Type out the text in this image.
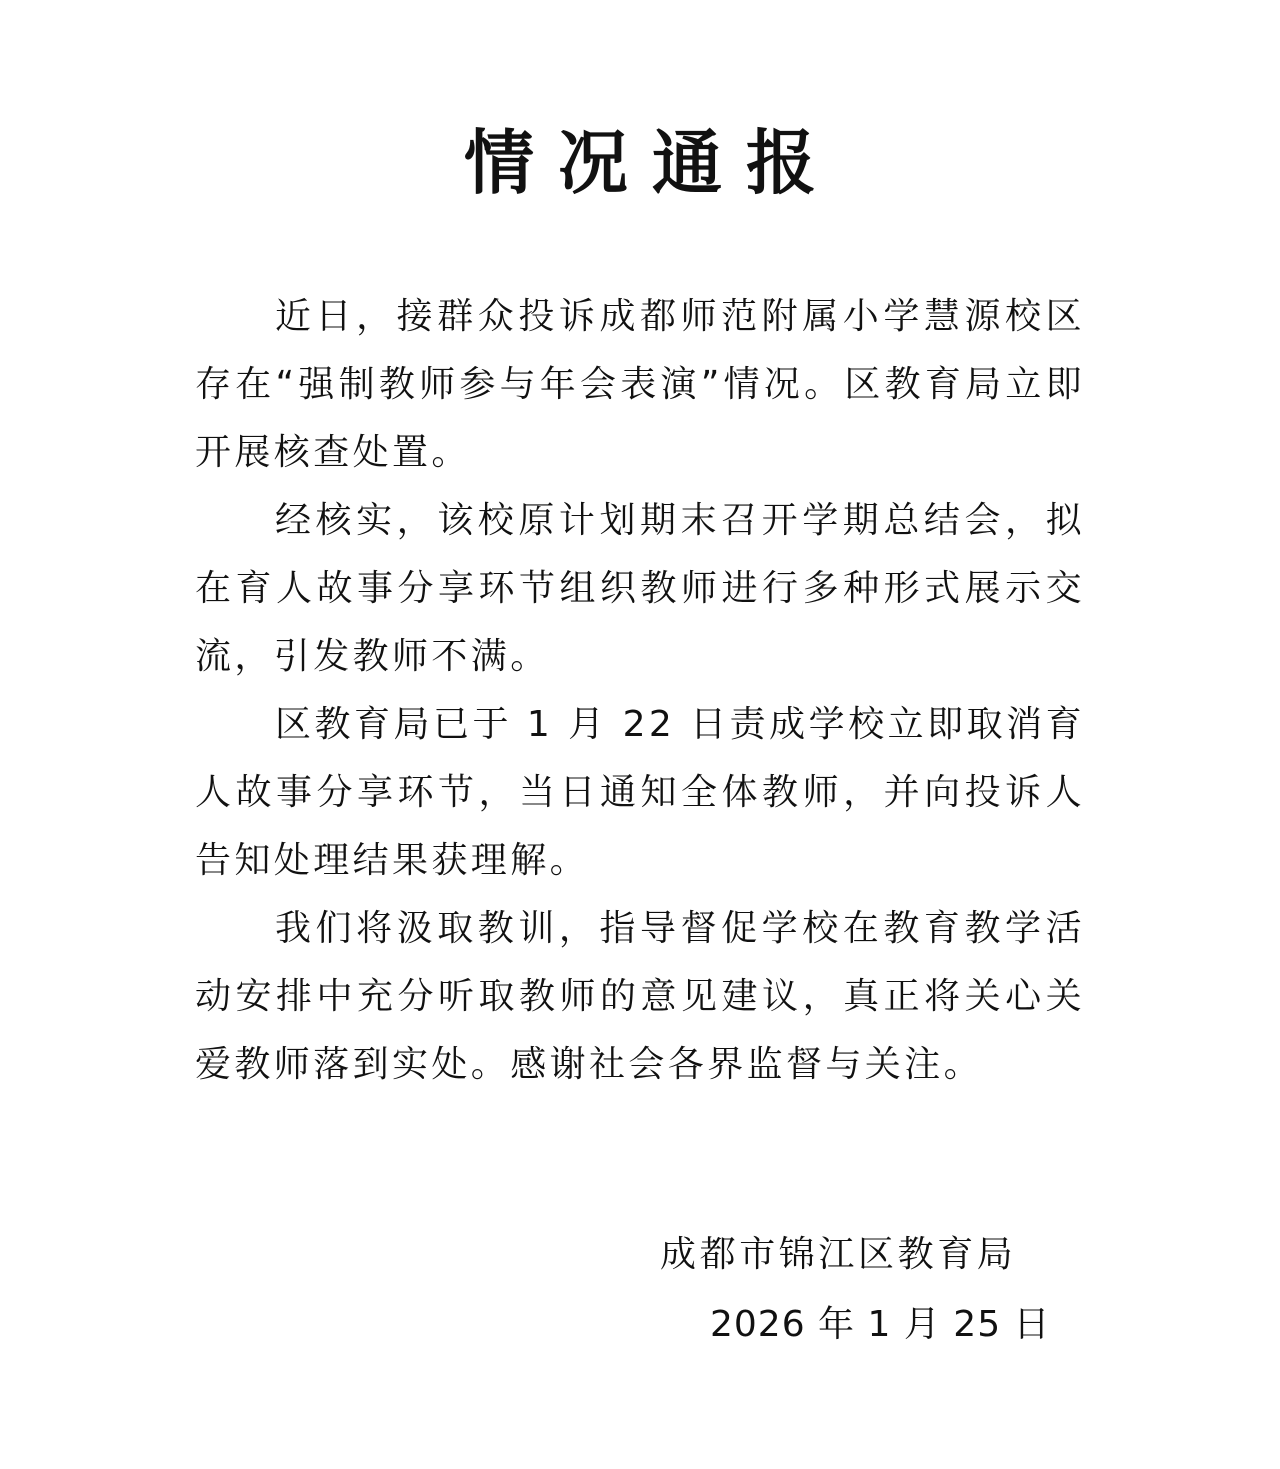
情况通报

近日，接群众投诉成都师范附属小学慧源校区存在“强制教师参与年会表演”情况。区教育局立即开展核查处置。

经核实，该校原计划期末召开学期总结会，拟在育人故事分享环节组织教师进行多种形式展示交流，引发教师不满。

区教育局已于 1 月 22 日责成学校立即取消育人故事分享环节，当日通知全体教师，并向投诉人告知处理结果获理解。

我们将汲取教训，指导督促学校在教育教学活动安排中充分听取教师的意见建议，真正将关心关爱教师落到实处。感谢社会各界监督与关注。

成都市锦江区教育局
2026 年 1 月 25 日
